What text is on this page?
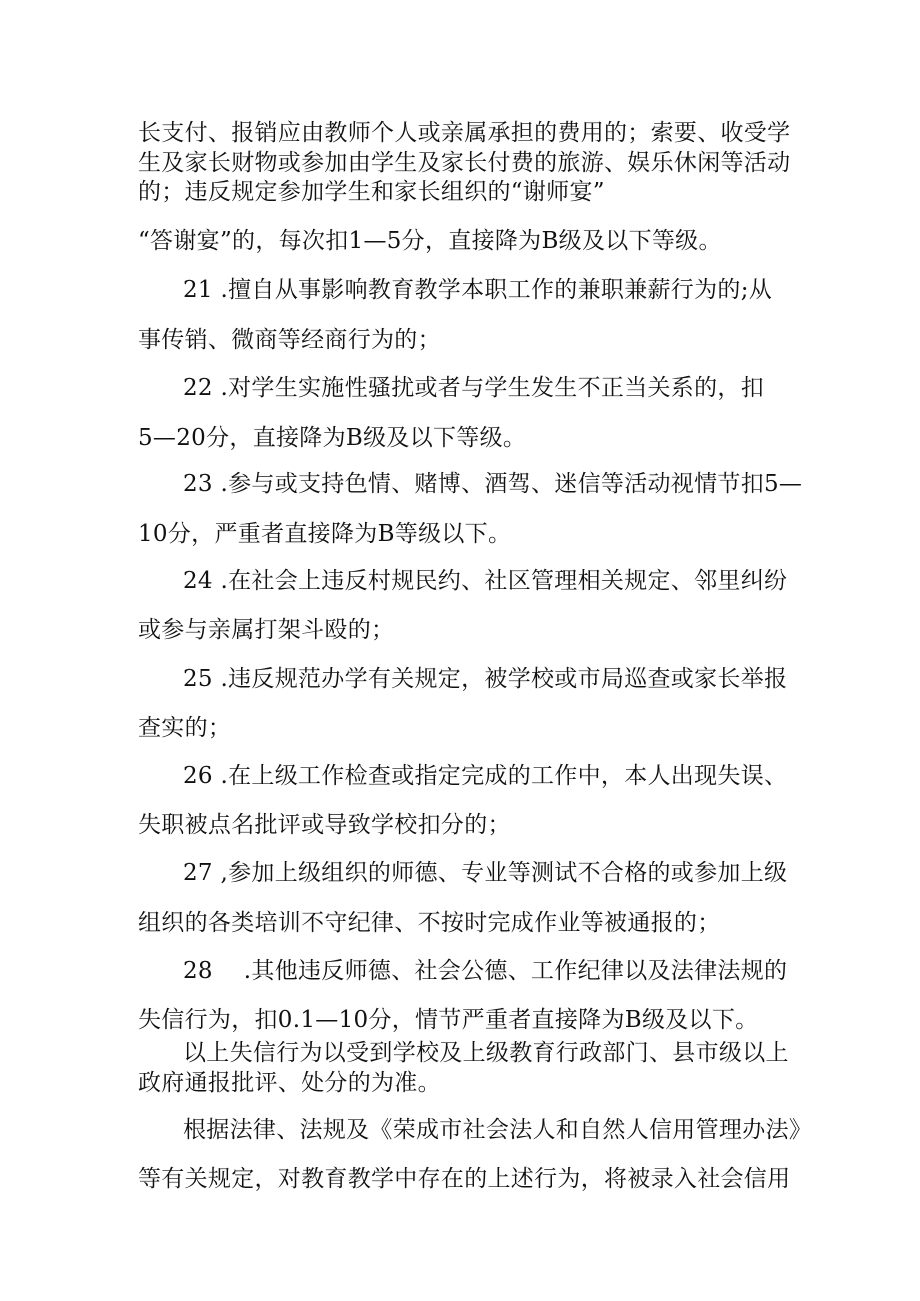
长支付、报销应由教师个人或亲属承担的费用的；索要、收受学
生及家长财物或参加由学生及家长付费的旅游、娱乐休闲等活动
的；违反规定参加学生和家长组织的“谢师宴”
“答谢宴”的，每次扣1—5分，直接降为B级及以下等级。
21 .擅自从事影响教育教学本职工作的兼职兼薪行为的;从
事传销、微商等经商行为的；
22 .对学生实施性骚扰或者与学生发生不正当关系的，扣
5—20分，直接降为B级及以下等级。
23 .参与或支持色情、赌博、酒驾、迷信等活动视情节扣5—
10分，严重者直接降为B等级以下。
24 .在社会上违反村规民约、社区管理相关规定、邻里纠纷
或参与亲属打架斗殴的；
25 .违反规范办学有关规定，被学校或市局巡查或家长举报
查实的；
26 .在上级工作检查或指定完成的工作中，本人出现失误、
失职被点名批评或导致学校扣分的；
27 ,参加上级组织的师德、专业等测试不合格的或参加上级
组织的各类培训不守纪律、不按时完成作业等被通报的；
28　 .其他违反师德、社会公德、工作纪律以及法律法规的
失信行为，扣0.1—10分，情节严重者直接降为B级及以下。
以上失信行为以受到学校及上级教育行政部门、县市级以上
政府通报批评、处分的为准。
根据法律、法规及《荣成市社会法人和自然人信用管理办法》
等有关规定，对教育教学中存在的上述行为，将被录入社会信用
